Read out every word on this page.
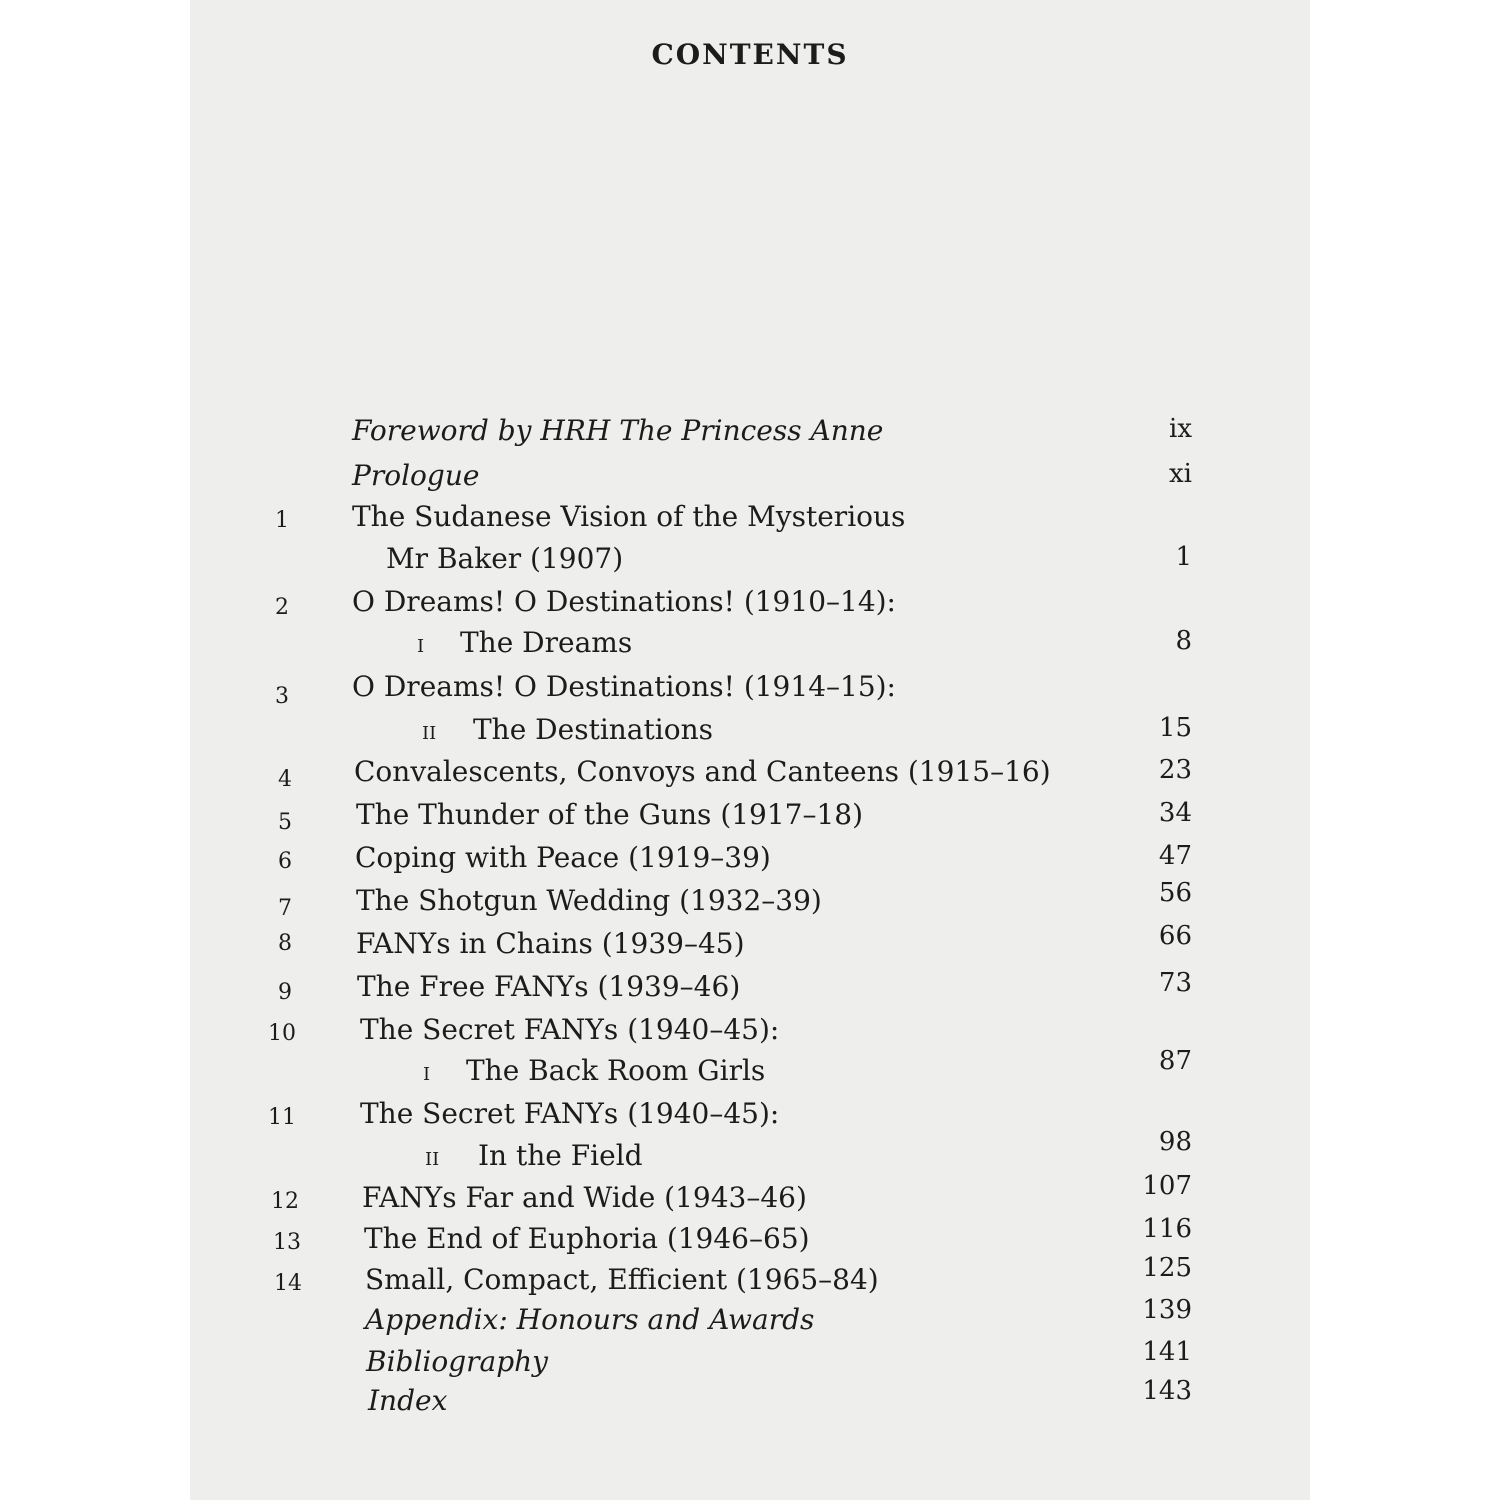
CONTENTS
Foreword by HRH The Princess Anne	ix
Prologue	xi
1	The Sudanese Vision of the Mysterious
Mr Baker (1907)	1
2	O Dreams! O Destinations! (1910–14):
I The Dreams	8
3	O Dreams! O Destinations! (1914–15):
II The Destinations	15
4	Convalescents, Convoys and Canteens (1915–16)	23
5	The Thunder of the Guns (1917–18)	34
6	Coping with Peace (1919–39)	47
7	The Shotgun Wedding (1932–39)	56
8	FANYs in Chains (1939–45)	66
9	The Free FANYs (1939–46)	73
10	The Secret FANYs (1940–45):
I The Back Room Girls	87
11	The Secret FANYs (1940–45):
II In the Field	98
12	FANYs Far and Wide (1943–46)	107
13	The End of Euphoria (1946–65)	116
14	Small, Compact, Efficient (1965–84)	125
Appendix: Honours and Awards	139
Bibliography	141
Index	143
